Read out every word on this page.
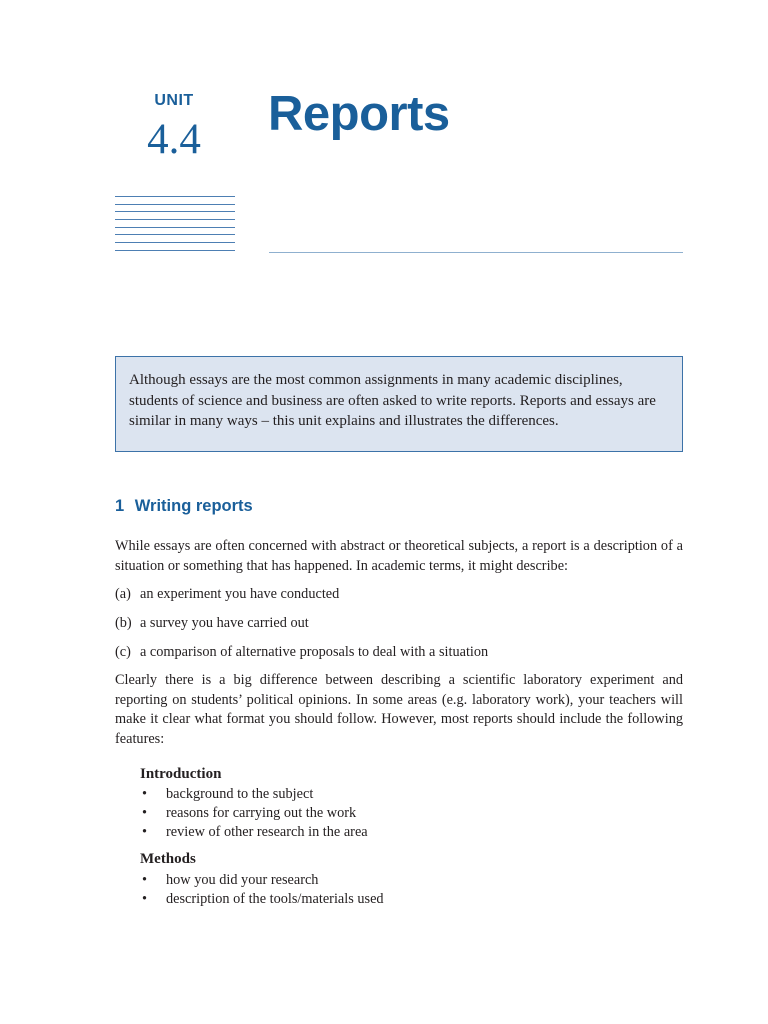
UNIT
4.4	Reports
Although essays are the most common assignments in many academic disciplines, students of science and business are often asked to write reports. Reports and essays are similar in many ways – this unit explains and illustrates the differences.
1 Writing reports

While essays are often concerned with abstract or theoretical subjects, a report is a description of a situation or something that has happened. In academic terms, it might describe:

(a) an experiment you have conducted
(b) a survey you have carried out
(c) a comparison of alternative proposals to deal with a situation

Clearly there is a big difference between describing a scientific laboratory experiment and reporting on students’ political opinions. In some areas (e.g. laboratory work), your teachers will make it clear what format you should follow. However, most reports should include the following features:

Introduction
• background to the subject
• reasons for carrying out the work
• review of other research in the area
Methods
• how you did your research
• description of the tools/materials used
